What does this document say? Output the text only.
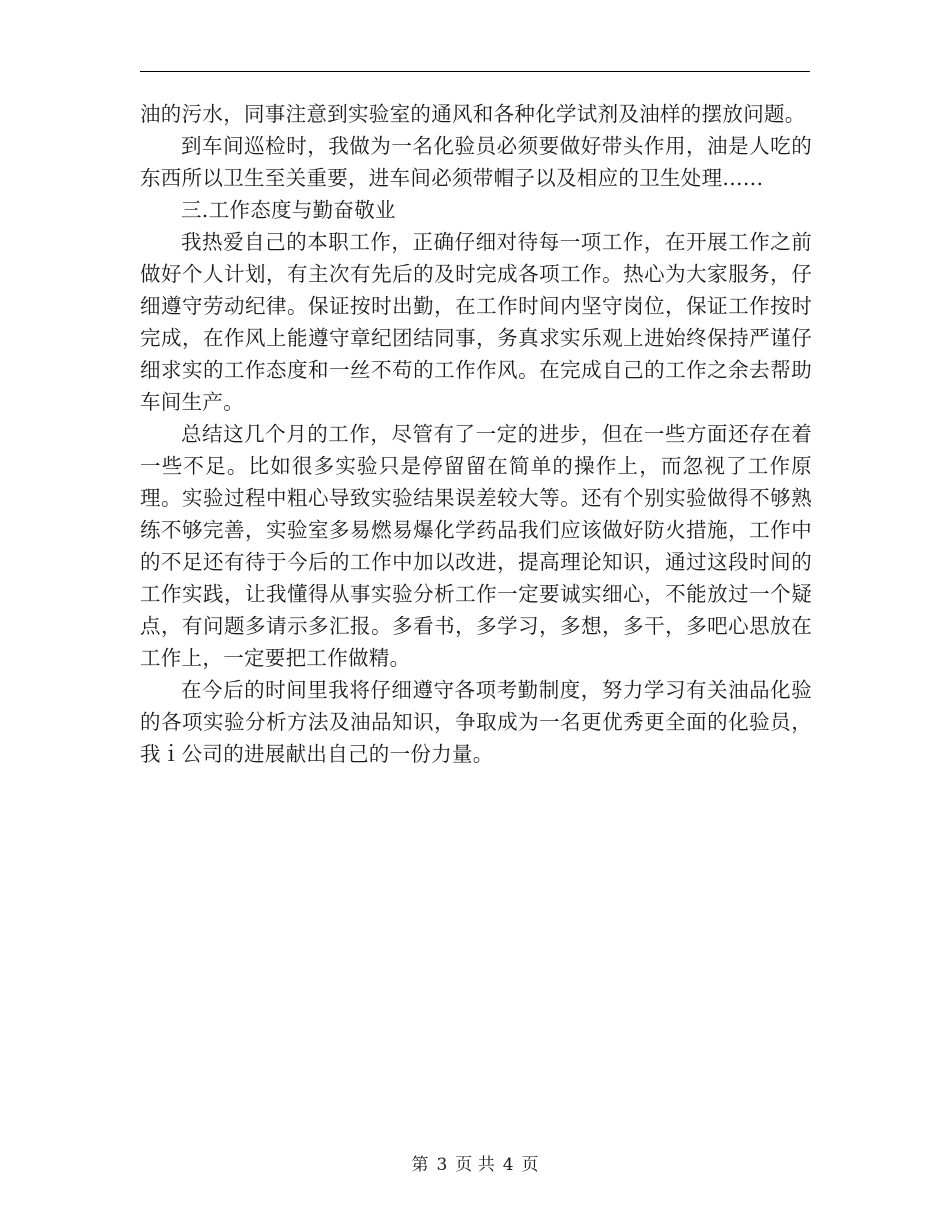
油的污水，同事注意到实验室的通风和各种化学试剂及油样的摆放问题。

到车间巡检时，我做为一名化验员必须要做好带头作用，油是人吃的东西所以卫生至关重要，进车间必须带帽子以及相应的卫生处理......

三.工作态度与勤奋敬业

我热爱自己的本职工作，正确仔细对待每一项工作，在开展工作之前做好个人计划，有主次有先后的及时完成各项工作。热心为大家服务，仔细遵守劳动纪律。保证按时出勤，在工作时间内坚守岗位，保证工作按时完成，在作风上能遵守章纪团结同事，务真求实乐观上进始终保持严谨仔细求实的工作态度和一丝不苟的工作作风。在完成自己的工作之余去帮助车间生产。

总结这几个月的工作，尽管有了一定的进步，但在一些方面还存在着一些不足。比如很多实验只是停留留在简单的操作上，而忽视了工作原理。实验过程中粗心导致实验结果误差较大等。还有个别实验做得不够熟练不够完善，实验室多易燃易爆化学药品我们应该做好防火措施，工作中的不足还有待于今后的工作中加以改进，提高理论知识，通过这段时间的工作实践，让我懂得从事实验分析工作一定要诚实细心，不能放过一个疑点，有问题多请示多汇报。多看书，多学习，多想，多干，多吧心思放在工作上，一定要把工作做精。

在今后的时间里我将仔细遵守各项考勤制度，努力学习有关油品化验的各项实验分析方法及油品知识，争取成为一名更优秀更全面的化验员，我ｉ公司的进展献出自己的一份力量。

第 3 页 共 4 页
